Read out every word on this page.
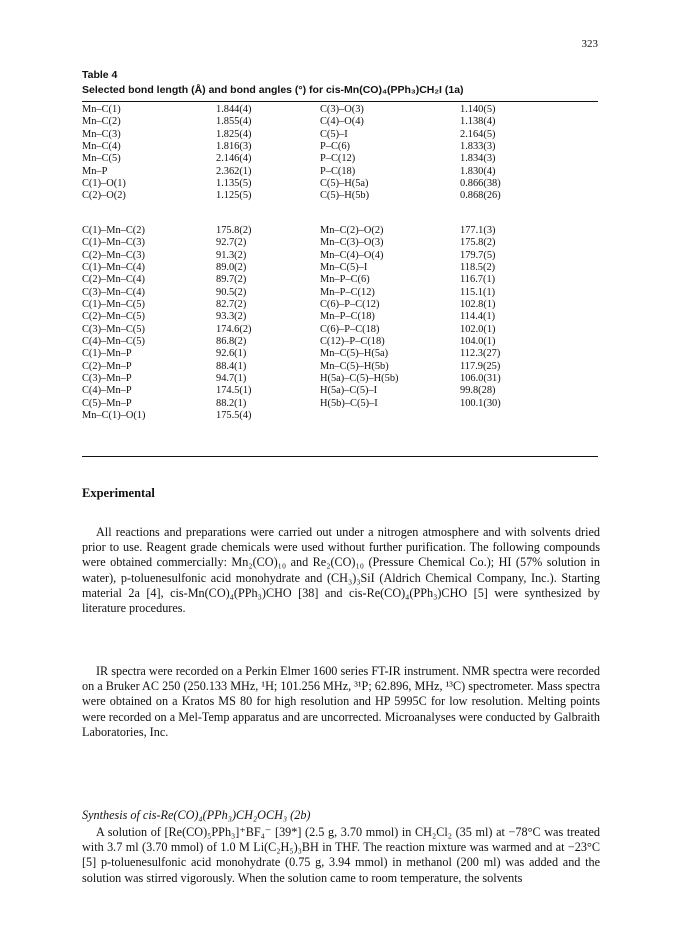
323
Table 4
Selected bond length (Å) and bond angles (°) for cis-Mn(CO)₄(PPh₃)CH₂I (1a)
Mn–C(1)	1.844(4)	C(3)–O(3)	1.140(5)
Mn–C(2)	1.855(4)	C(4)–O(4)	1.138(4)
Mn–C(3)	1.825(4)	C(5)–I	2.164(5)
Mn–C(4)	1.816(3)	P–C(6)	1.833(3)
Mn–C(5)	2.146(4)	P–C(12)	1.834(3)
Mn–P	2.362(1)	P–C(18)	1.830(4)
C(1)–O(1)	1.135(5)	C(5)–H(5a)	0.866(38)
C(2)–O(2)	1.125(5)	C(5)–H(5b)	0.868(26)
C(1)–Mn–C(2)	175.8(2)	Mn–C(2)–O(2)	177.1(3)
C(1)–Mn–C(3)	92.7(2)	Mn–C(3)–O(3)	175.8(2)
C(2)–Mn–C(3)	91.3(2)	Mn–C(4)–O(4)	179.7(5)
C(1)–Mn–C(4)	89.0(2)	Mn–C(5)–I	118.5(2)
C(2)–Mn–C(4)	89.7(2)	Mn–P–C(6)	116.7(1)
C(3)–Mn–C(4)	90.5(2)	Mn–P–C(12)	115.1(1)
C(1)–Mn–C(5)	82.7(2)	C(6)–P–C(12)	102.8(1)
C(2)–Mn–C(5)	93.3(2)	Mn–P–C(18)	114.4(1)
C(3)–Mn–C(5)	174.6(2)	C(6)–P–C(18)	102.0(1)
C(4)–Mn–C(5)	86.8(2)	C(12)–P–C(18)	104.0(1)
C(1)–Mn–P	92.6(1)	Mn–C(5)–H(5a)	112.3(27)
C(2)–Mn–P	88.4(1)	Mn–C(5)–H(5b)	117.9(25)
C(3)–Mn–P	94.7(1)	H(5a)–C(5)–H(5b)	106.0(31)
C(4)–Mn–P	174.5(1)	H(5a)–C(5)–I	99.8(28)
C(5)–Mn–P	88.2(1)	H(5b)–C(5)–I	100.1(30)
Mn–C(1)–O(1)	175.5(4)
Experimental
All reactions and preparations were carried out under a nitrogen atmosphere and with solvents dried prior to use. Reagent grade chemicals were used without further purification. The following compounds were obtained commercially: Mn₂(CO)₁₀ and Re₂(CO)₁₀ (Pressure Chemical Co.); HI (57% solution in water), p-toluenesulfonic acid monohydrate and (CH₃)₃SiI (Aldrich Chemical Company, Inc.). Starting material 2a [4], cis-Mn(CO)₄(PPh₃)CHO [38] and cis-Re(CO)₄(PPh₃)CHO [5] were synthesized by literature procedures.
IR spectra were recorded on a Perkin Elmer 1600 series FT-IR instrument. NMR spectra were recorded on a Bruker AC 250 (250.133 MHz, ¹H; 101.256 MHz, ³¹P; 62.896, MHz, ¹³C) spectrometer. Mass spectra were obtained on a Kratos MS 80 for high resolution and HP 5995C for low resolution. Melting points were recorded on a Mel-Temp apparatus and are uncorrected. Microanalyses were conducted by Galbraith Laboratories, Inc.
Synthesis of cis-Re(CO)₄(PPh₃)CH₂OCH₃ (2b)
A solution of [Re(CO)₅PPh₃]⁺BF₄⁻ [39*] (2.5 g, 3.70 mmol) in CH₂Cl₂ (35 ml) at −78°C was treated with 3.7 ml (3.70 mmol) of 1.0 M Li(C₂H₅)₃BH in THF. The reaction mixture was warmed and at −23°C [5] p-toluenesulfonic acid monohydrate (0.75 g, 3.94 mmol) in methanol (200 ml) was added and the solution was stirred vigorously. When the solution came to room temperature, the solvents
